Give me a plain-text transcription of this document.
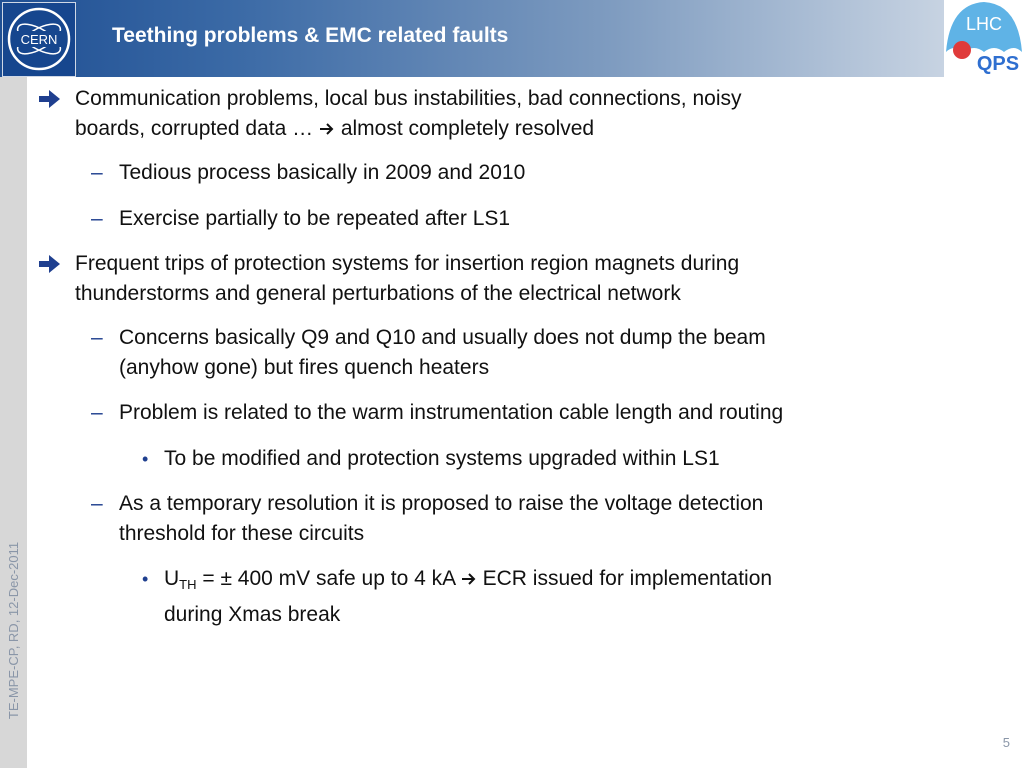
TE-MPE-CP, RD, 12-Dec-2011
CERN	Teething problems & EMC related faults	LHC
QPS
Communication problems, local bus instabilities, bad connections, noisy
boards, corrupted data …  almost completely resolved
– Tedious process basically in 2009 and 2010
– Exercise partially to be repeated after LS1
Frequent trips of protection systems for insertion region magnets during
thunderstorms and general perturbations of the electrical network
– Concerns basically Q9 and Q10 and usually does not dump the beam
(anyhow gone) but fires quench heaters
– Problem is related to the warm instrumentation cable length and routing
• To be modified and protection systems upgraded within LS1
– As a temporary resolution it is proposed to raise the voltage detection
threshold for these circuits
• $U_{TH}$ = ± 400 mV safe up to 4 kA  ECR issued for implementation
during Xmas break
5
